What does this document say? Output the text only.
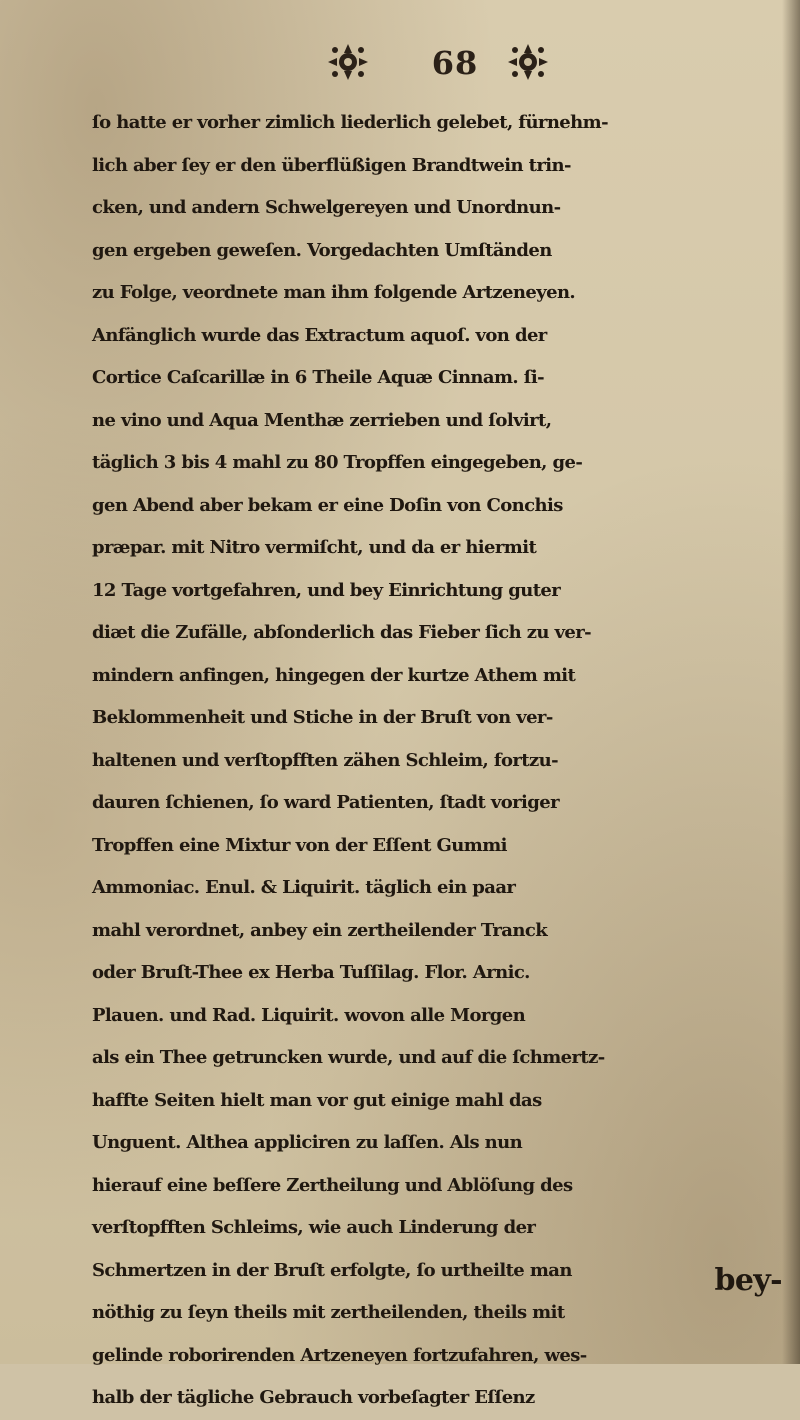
68
ſo hatte er vorher zimlich liederlich gelebet, fürnehm-
lich aber ſey er den überflüßigen Brandtwein trin-
cken, und andern Schwelgereyen und Unordnun-
gen ergeben geweſen. Vorgedachten Umſtänden
zu Folge, veordnete man ihm folgende Artzeneyen.
Anfänglich wurde das Extractum aquoſ. von der
Cortice Caſcarillæ in 6 Theile Aquæ Cinnam. ſi-
ne vino und Aqua Menthæ zerrieben und ſolvirt,
täglich 3 bis 4 mahl zu 80 Tropffen eingegeben, ge-
gen Abend aber bekam er eine Doſin von Conchis
præpar. mit Nitro vermiſcht, und da er hiermit
12 Tage vortgefahren, und bey Einrichtung guter
diæt die Zufälle, abſonderlich das Fieber ſich zu ver-
mindern anfingen, hingegen der kurtze Athem mit
Beklommenheit und Stiche in der Bruſt von ver-
haltenen und verſtopfften zähen Schleim, fortzu-
dauren ſchienen, ſo ward Patienten, ſtadt voriger
Tropffen eine Mixtur von der Eſſent Gummi
Ammoniac. Enul. & Liquirit. täglich ein paar
mahl verordnet, anbey ein zertheilender Tranck
oder Bruſt-Thee ex Herba Tuſſilag. Flor. Arnic.
Plauen. und Rad. Liquirit. wovon alle Morgen
als ein Thee getruncken wurde, und auf die ſchmertz-
haffte Seiten hielt man vor gut einige mahl das
Unguent. Althea appliciren zu laſſen. Als nun
hierauf eine beſſere Zertheilung und Ablöſung des
verſtopfften Schleims, wie auch Linderung der
Schmertzen in der Bruſt erfolgte, ſo urtheilte man
nöthig zu ſeyn theils mit zertheilenden, theils mit
gelinde roborirenden Artzeneyen fortzufahren, wes-
halb der tägliche Gebrauch vorbeſagter Eſſenz
bey-
